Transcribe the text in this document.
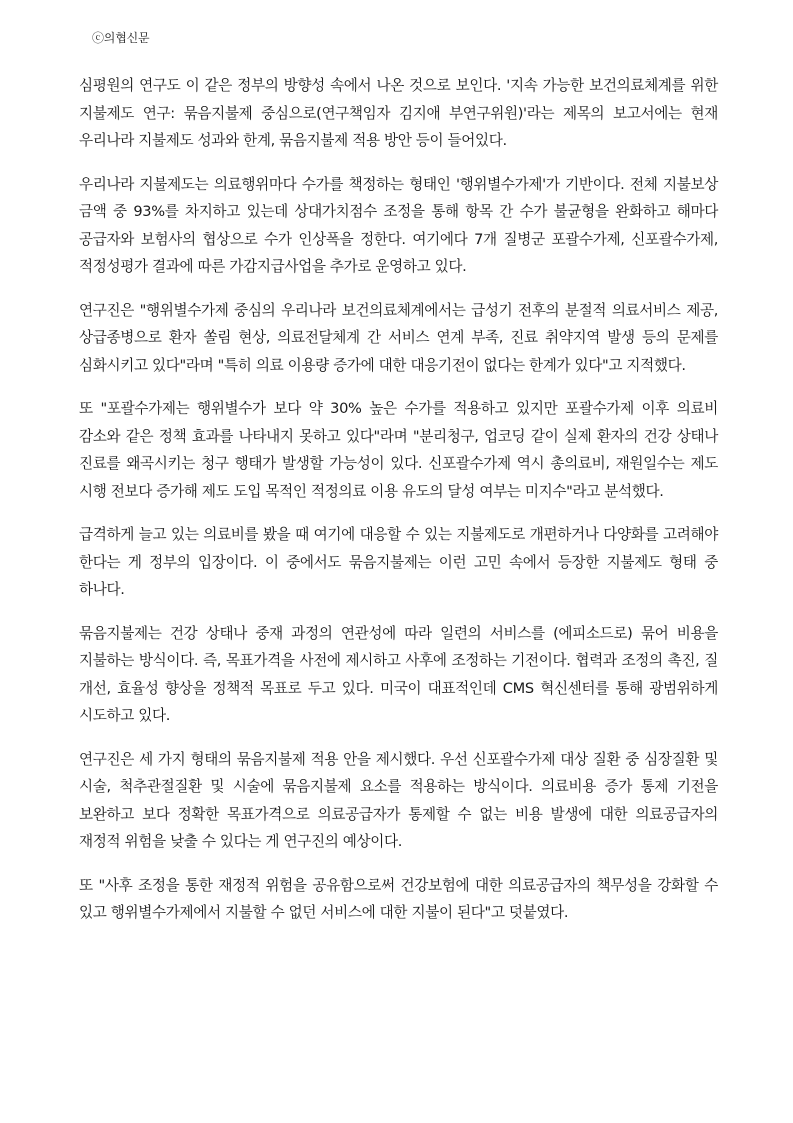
ⓒ의협신문

심평원의 연구도 이 같은 정부의 방향성 속에서 나온 것으로 보인다. '지속 가능한 보건의료체계를 위한 지불제도 연구: 묶음지불제 중심으로(연구책임자 김지애 부연구위원)'라는 제목의 보고서에는 현재 우리나라 지불제도 성과와 한계, 묶음지불제 적용 방안 등이 들어있다.

우리나라 지불제도는 의료행위마다 수가를 책정하는 형태인 '행위별수가제'가 기반이다. 전체 지불보상 금액 중 93%를 차지하고 있는데 상대가치점수 조정을 통해 항목 간 수가 불균형을 완화하고 해마다 공급자와 보험사의 협상으로 수가 인상폭을 정한다. 여기에다 7개 질병군 포괄수가제, 신포괄수가제, 적정성평가 결과에 따른 가감지급사업을 추가로 운영하고 있다.

연구진은 "행위별수가제 중심의 우리나라 보건의료체계에서는 급성기 전후의 분절적 의료서비스 제공, 상급종병으로 환자 쏠림 현상, 의료전달체계 간 서비스 연계 부족, 진료 취약지역 발생 등의 문제를 심화시키고 있다"라며 "특히 의료 이용량 증가에 대한 대응기전이 없다는 한계가 있다"고 지적했다.

또 "포괄수가제는 행위별수가 보다 약 30% 높은 수가를 적용하고 있지만 포괄수가제 이후 의료비 감소와 같은 정책 효과를 나타내지 못하고 있다"라며 "분리청구, 업코딩 같이 실제 환자의 건강 상태나 진료를 왜곡시키는 청구 행태가 발생할 가능성이 있다. 신포괄수가제 역시 총의료비, 재원일수는 제도 시행 전보다 증가해 제도 도입 목적인 적정의료 이용 유도의 달성 여부는 미지수"라고 분석했다.

급격하게 늘고 있는 의료비를 봤을 때 여기에 대응할 수 있는 지불제도로 개편하거나 다양화를 고려해야 한다는 게 정부의 입장이다. 이 중에서도 묶음지불제는 이런 고민 속에서 등장한 지불제도 형태 중 하나다.

묶음지불제는 건강 상태나 중재 과정의 연관성에 따라 일련의 서비스를 (에피소드로) 묶어 비용을 지불하는 방식이다. 즉, 목표가격을 사전에 제시하고 사후에 조정하는 기전이다. 협력과 조정의 촉진, 질 개선, 효율성 향상을 정책적 목표로 두고 있다. 미국이 대표적인데 CMS 혁신센터를 통해 광범위하게 시도하고 있다.

연구진은 세 가지 형태의 묶음지불제 적용 안을 제시했다. 우선 신포괄수가제 대상 질환 중 심장질환 및 시술, 척추관절질환 및 시술에 묶음지불제 요소를 적용하는 방식이다. 의료비용 증가 통제 기전을 보완하고 보다 정확한 목표가격으로 의료공급자가 통제할 수 없는 비용 발생에 대한 의료공급자의 재정적 위험을 낮출 수 있다는 게 연구진의 예상이다.

또 "사후 조정을 통한 재정적 위험을 공유함으로써 건강보험에 대한 의료공급자의 책무성을 강화할 수 있고 행위별수가제에서 지불할 수 없던 서비스에 대한 지불이 된다"고 덧붙였다.
